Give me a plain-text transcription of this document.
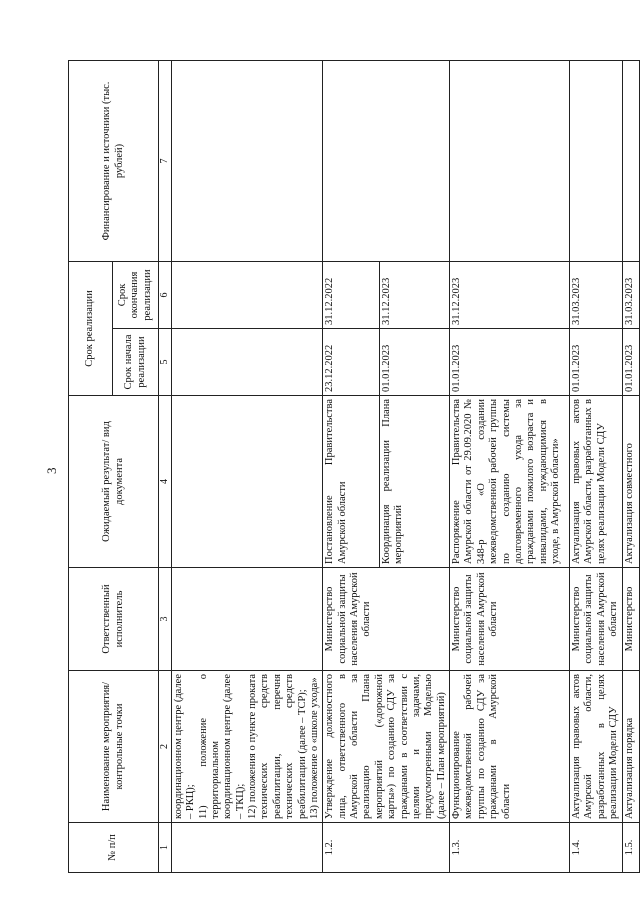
3
№ п/п	Наименование мероприятия/ контрольные точки	Ответственный исполнитель	Ожидаемый результат/ вид документа	Срок реализации		Финансирование и источники (тыс. рублей)
				Срок начала реализации	Срок окончания реализации	
1	2	3	4	5	6	7

	координационном центре (далее – РКЦ); 11) положение о территориальном координационном центре (далее – ТКЦ); 12) положения о пункте проката технических средств реабилитации, перечня технических средств реабилитации (далее – ТСР); 13) положение о «школе ухода»					

1.2.	Утверждение должностного лица, ответственного в Амурской области за реализацию Плана мероприятий («дорожной карты») по созданию СДУ за гражданами в соответствии с целями и задачами, предусмотренными Моделью (далее – План мероприятий)	Министерство социальной защиты населения Амурской области	Постановление Правительства Амурской области	23.12.2022	31.12.2022	
			Координация реализации Плана мероприятий	01.01.2023	31.12.2023	
1.3.	Функционирование межведомственной рабочей группы по созданию СДУ за гражданами в Амурской области	Министерство социальной защиты населения Амурской области	Распоряжение Правительства Амурской области от 29.09.2020 № 348-р «О создании межведомственной рабочей группы по созданию системы долговременного ухода за гражданами пожилого возраста и инвалидами, нуждающимися в уходе, в Амурской области»	01.01.2023	31.12.2023	
1.4.	Актуализация правовых актов Амурской области, разработанных в целях реализации Модели СДУ	Министерство социальной защиты населения Амурской области	Актуализация правовых актов Амурской области, разработанных в целях реализации Модели СДУ	01.01.2023	31.03.2023	
1.5.	Актуализация порядка	Министерство	Актуализация совместного	01.01.2023	31.03.2023	
